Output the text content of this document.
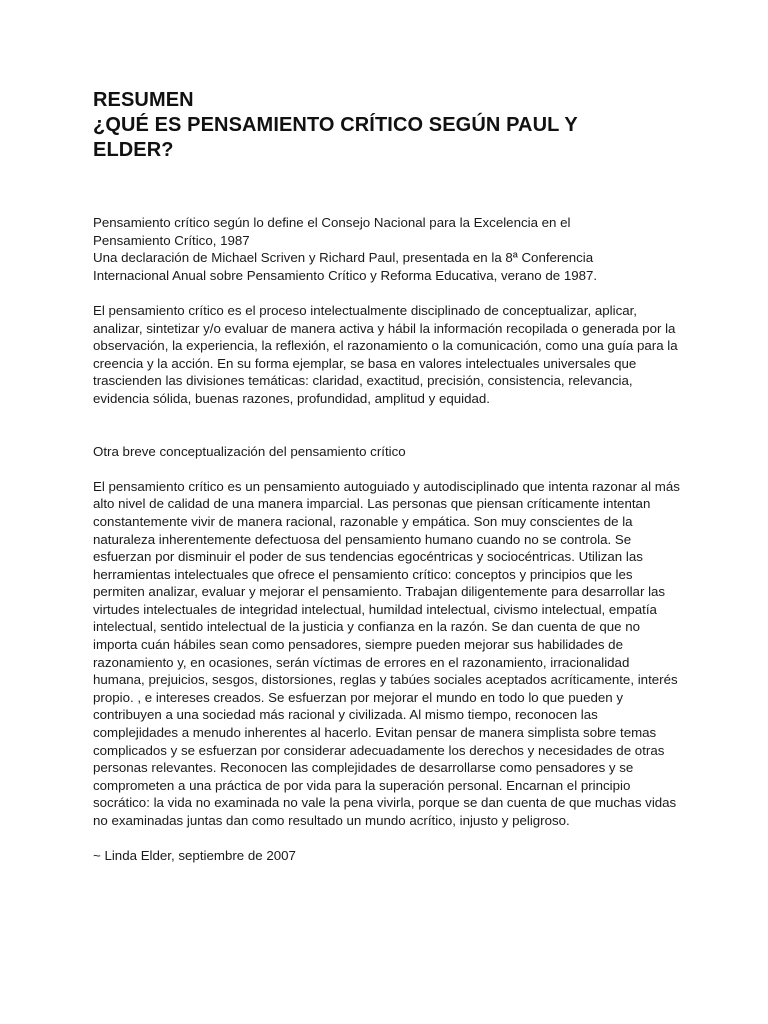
RESUMEN
¿QUÉ ES PENSAMIENTO CRÍTICO SEGÚN PAUL Y
ELDER?
Pensamiento crítico según lo define el Consejo Nacional para la Excelencia en el
Pensamiento Crítico, 1987
Una declaración de Michael Scriven y Richard Paul, presentada en la 8ª Conferencia
Internacional Anual sobre Pensamiento Crítico y Reforma Educativa, verano de 1987.

El pensamiento crítico es el proceso intelectualmente disciplinado de conceptualizar, aplicar, analizar, sintetizar y/o evaluar de manera activa y hábil la información recopilada o generada por la observación, la experiencia, la reflexión, el razonamiento o la comunicación, como una guía para la creencia y la acción. En su forma ejemplar, se basa en valores intelectuales universales que trascienden las divisiones temáticas: claridad, exactitud, precisión, consistencia, relevancia, evidencia sólida, buenas razones, profundidad, amplitud y equidad.

Otra breve conceptualización del pensamiento crítico

El pensamiento crítico es un pensamiento autoguiado y autodisciplinado que intenta razonar al más alto nivel de calidad de una manera imparcial. Las personas que piensan críticamente intentan constantemente vivir de manera racional, razonable y empática. Son muy conscientes de la naturaleza inherentemente defectuosa del pensamiento humano cuando no se controla. Se esfuerzan por disminuir el poder de sus tendencias egocéntricas y sociocéntricas. Utilizan las herramientas intelectuales que ofrece el pensamiento crítico: conceptos y principios que les permiten analizar, evaluar y mejorar el pensamiento. Trabajan diligentemente para desarrollar las virtudes intelectuales de integridad intelectual, humildad intelectual, civismo intelectual, empatía intelectual, sentido intelectual de la justicia y confianza en la razón. Se dan cuenta de que no importa cuán hábiles sean como pensadores, siempre pueden mejorar sus habilidades de razonamiento y, en ocasiones, serán víctimas de errores en el razonamiento, irracionalidad humana, prejuicios, sesgos, distorsiones, reglas y tabúes sociales aceptados acríticamente, interés propio. , e intereses creados. Se esfuerzan por mejorar el mundo en todo lo que pueden y contribuyen a una sociedad más racional y civilizada. Al mismo tiempo, reconocen las complejidades a menudo inherentes al hacerlo. Evitan pensar de manera simplista sobre temas complicados y se esfuerzan por considerar adecuadamente los derechos y necesidades de otras personas relevantes. Reconocen las complejidades de desarrollarse como pensadores y se comprometen a una práctica de por vida para la superación personal. Encarnan el principio socrático: la vida no examinada no vale la pena vivirla, porque se dan cuenta de que muchas vidas no examinadas juntas dan como resultado un mundo acrítico, injusto y peligroso.

~ Linda Elder, septiembre de 2007
